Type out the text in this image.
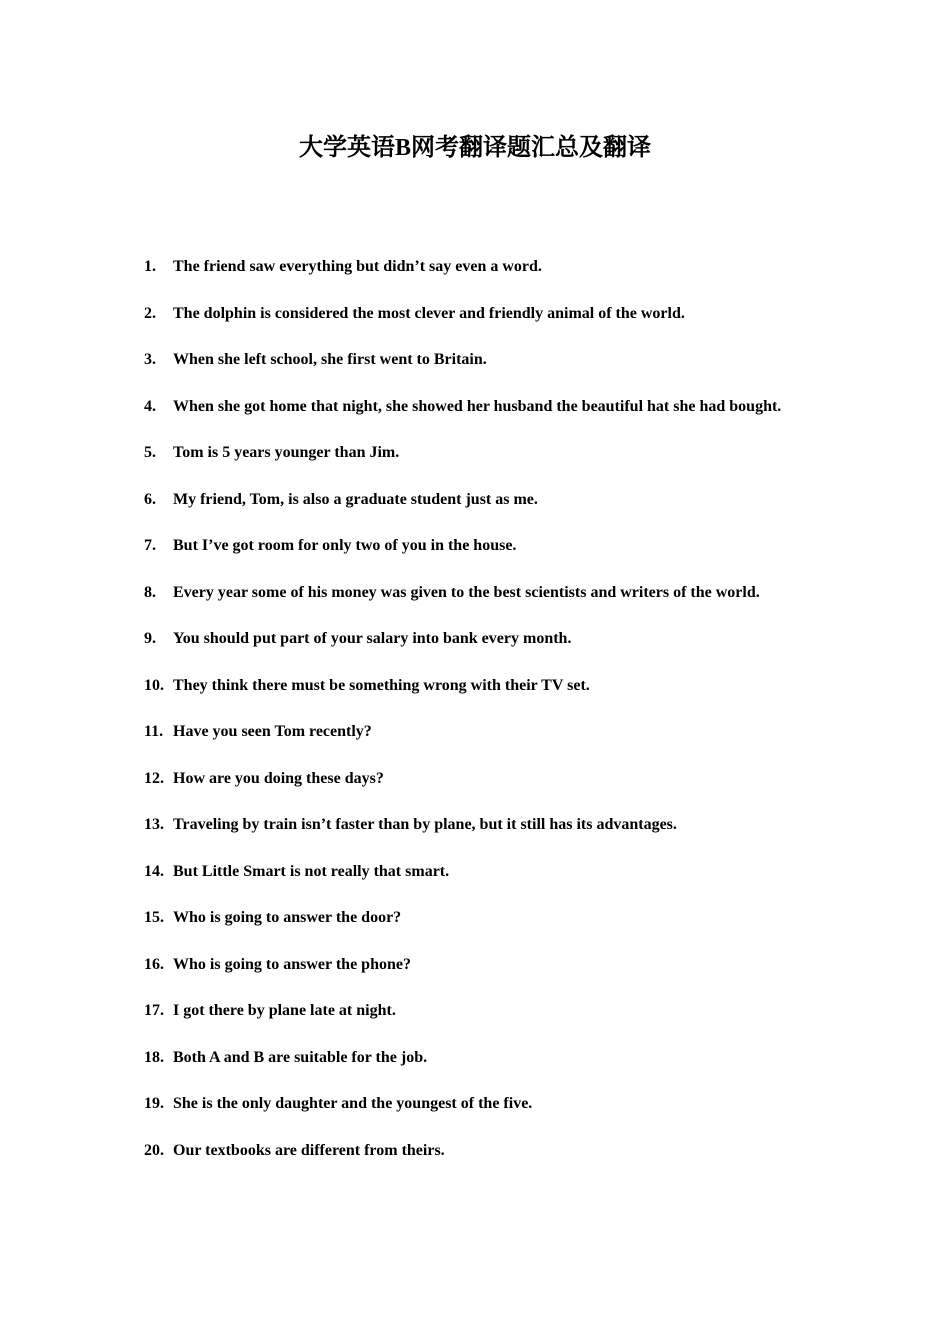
大学英语B网考翻译题汇总及翻译
1.	The friend saw everything but didn’t say even a word.
2.	The dolphin is considered the most clever and friendly animal of the world.
3.	When she left school, she first went to Britain.
4.	When she got home that night, she showed her husband the beautiful hat she had bought.
5.	Tom is 5 years younger than Jim.
6.	My friend, Tom, is also a graduate student just as me.
7.	But I’ve got room for only two of you in the house.
8.	Every year some of his money was given to the best scientists and writers of the world.
9.	You should put part of your salary into bank every month.
10. They think there must be something wrong with their TV set.
11. Have you seen Tom recently?
12. How are you doing these days?
13. Traveling by train isn’t faster than by plane, but it still has its advantages.
14. But Little Smart is not really that smart.
15. Who is going to answer the door?
16. Who is going to answer the phone?
17. I got there by plane late at night.
18. Both A and B are suitable for the job.
19. She is the only daughter and the youngest of the five.
20. Our textbooks are different from theirs.
